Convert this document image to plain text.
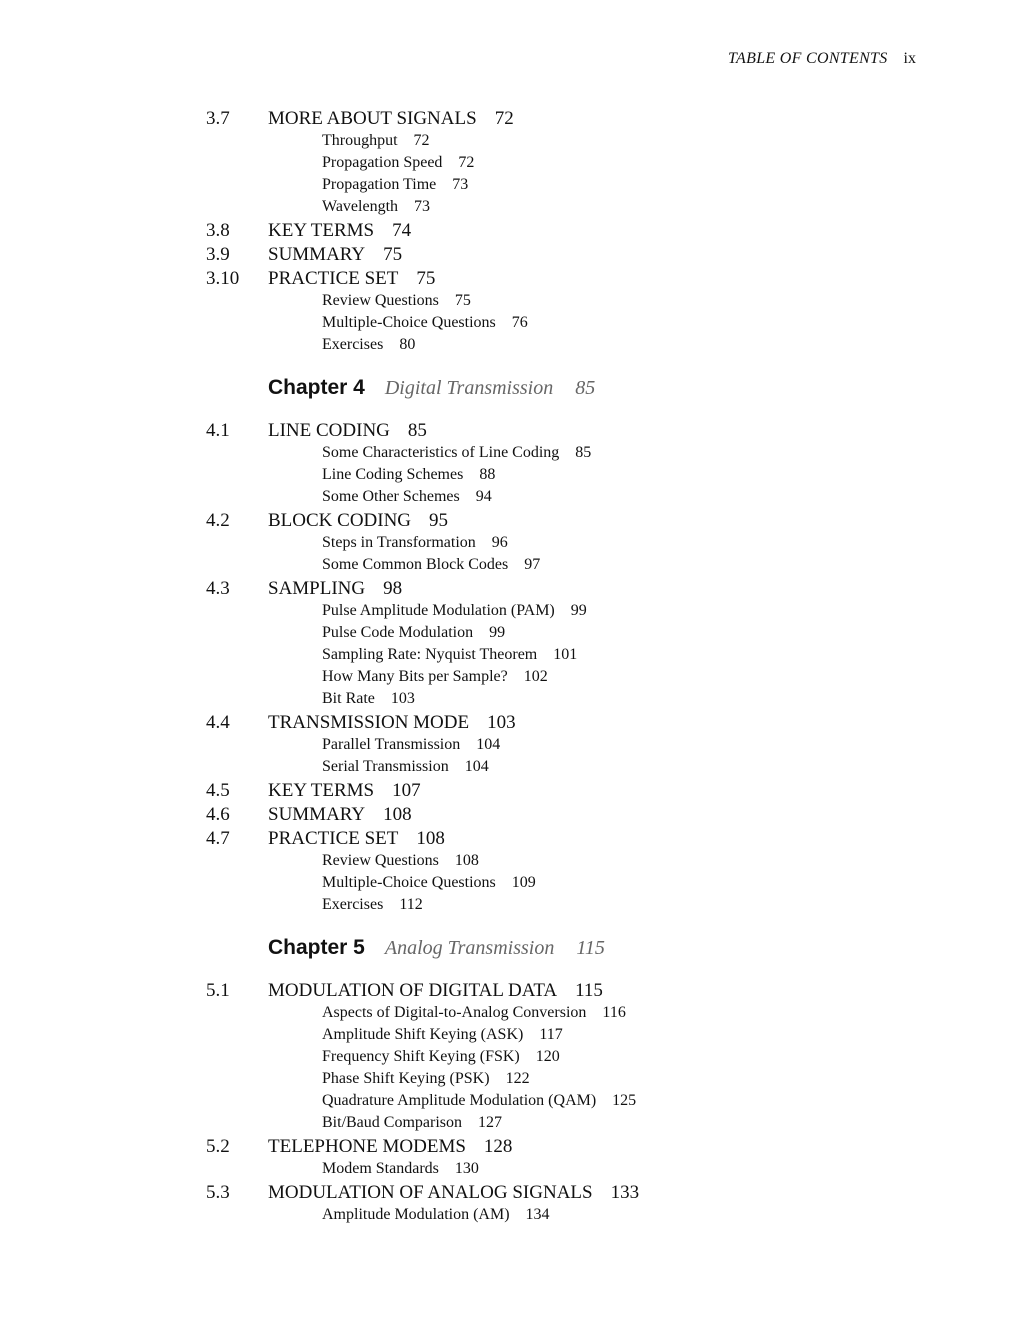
TABLE OF CONTENTS ix
3.7	MORE ABOUT SIGNALS 72
Throughput 72
Propagation Speed 72
Propagation Time 73
Wavelength 73
3.8	KEY TERMS 74
3.9	SUMMARY 75
3.10	PRACTICE SET 75
Review Questions 75
Multiple-Choice Questions 76
Exercises 80
Chapter 4 Digital Transmission 85
4.1	LINE CODING 85
Some Characteristics of Line Coding 85
Line Coding Schemes 88
Some Other Schemes 94
4.2	BLOCK CODING 95
Steps in Transformation 96
Some Common Block Codes 97
4.3	SAMPLING 98
Pulse Amplitude Modulation (PAM) 99
Pulse Code Modulation 99
Sampling Rate: Nyquist Theorem 101
How Many Bits per Sample? 102
Bit Rate 103
4.4	TRANSMISSION MODE 103
Parallel Transmission 104
Serial Transmission 104
4.5	KEY TERMS 107
4.6	SUMMARY 108
4.7	PRACTICE SET 108
Review Questions 108
Multiple-Choice Questions 109
Exercises 112
Chapter 5 Analog Transmission 115
5.1	MODULATION OF DIGITAL DATA 115
Aspects of Digital-to-Analog Conversion 116
Amplitude Shift Keying (ASK) 117
Frequency Shift Keying (FSK) 120
Phase Shift Keying (PSK) 122
Quadrature Amplitude Modulation (QAM) 125
Bit/Baud Comparison 127
5.2	TELEPHONE MODEMS 128
Modem Standards 130
5.3	MODULATION OF ANALOG SIGNALS 133
Amplitude Modulation (AM) 134
